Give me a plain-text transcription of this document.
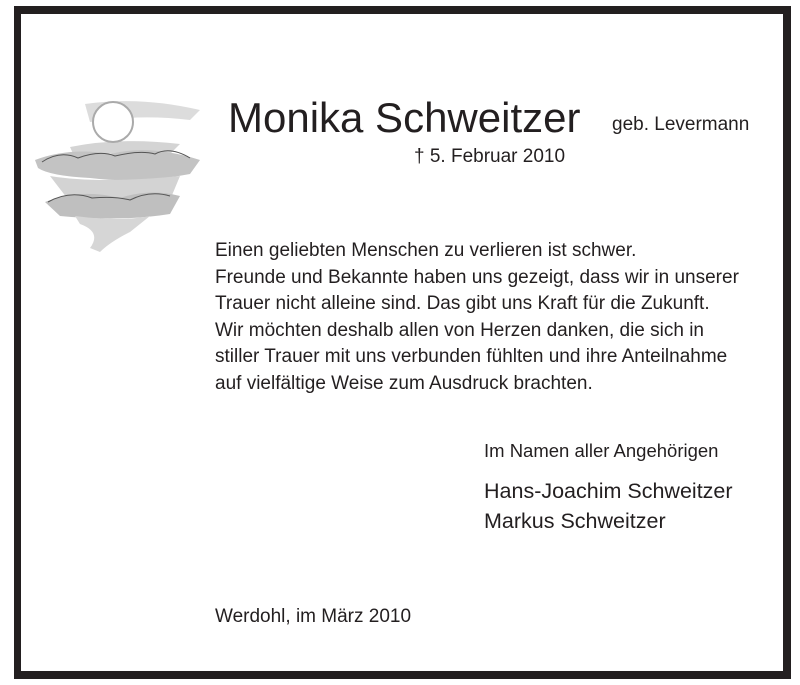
Monika Schweitzer geb. Levermann
† 5. Februar 2010
Einen geliebten Menschen zu verlieren ist schwer.
Freunde und Bekannte haben uns gezeigt, dass wir in unserer
Trauer nicht alleine sind. Das gibt uns Kraft für die Zukunft.
Wir möchten deshalb allen von Herzen danken, die sich in
stiller Trauer mit uns verbunden fühlten und ihre Anteilnahme
auf vielfältige Weise zum Ausdruck brachten.
Im Namen aller Angehörigen
Hans-Joachim Schweitzer
Markus Schweitzer
Werdohl, im März 2010
